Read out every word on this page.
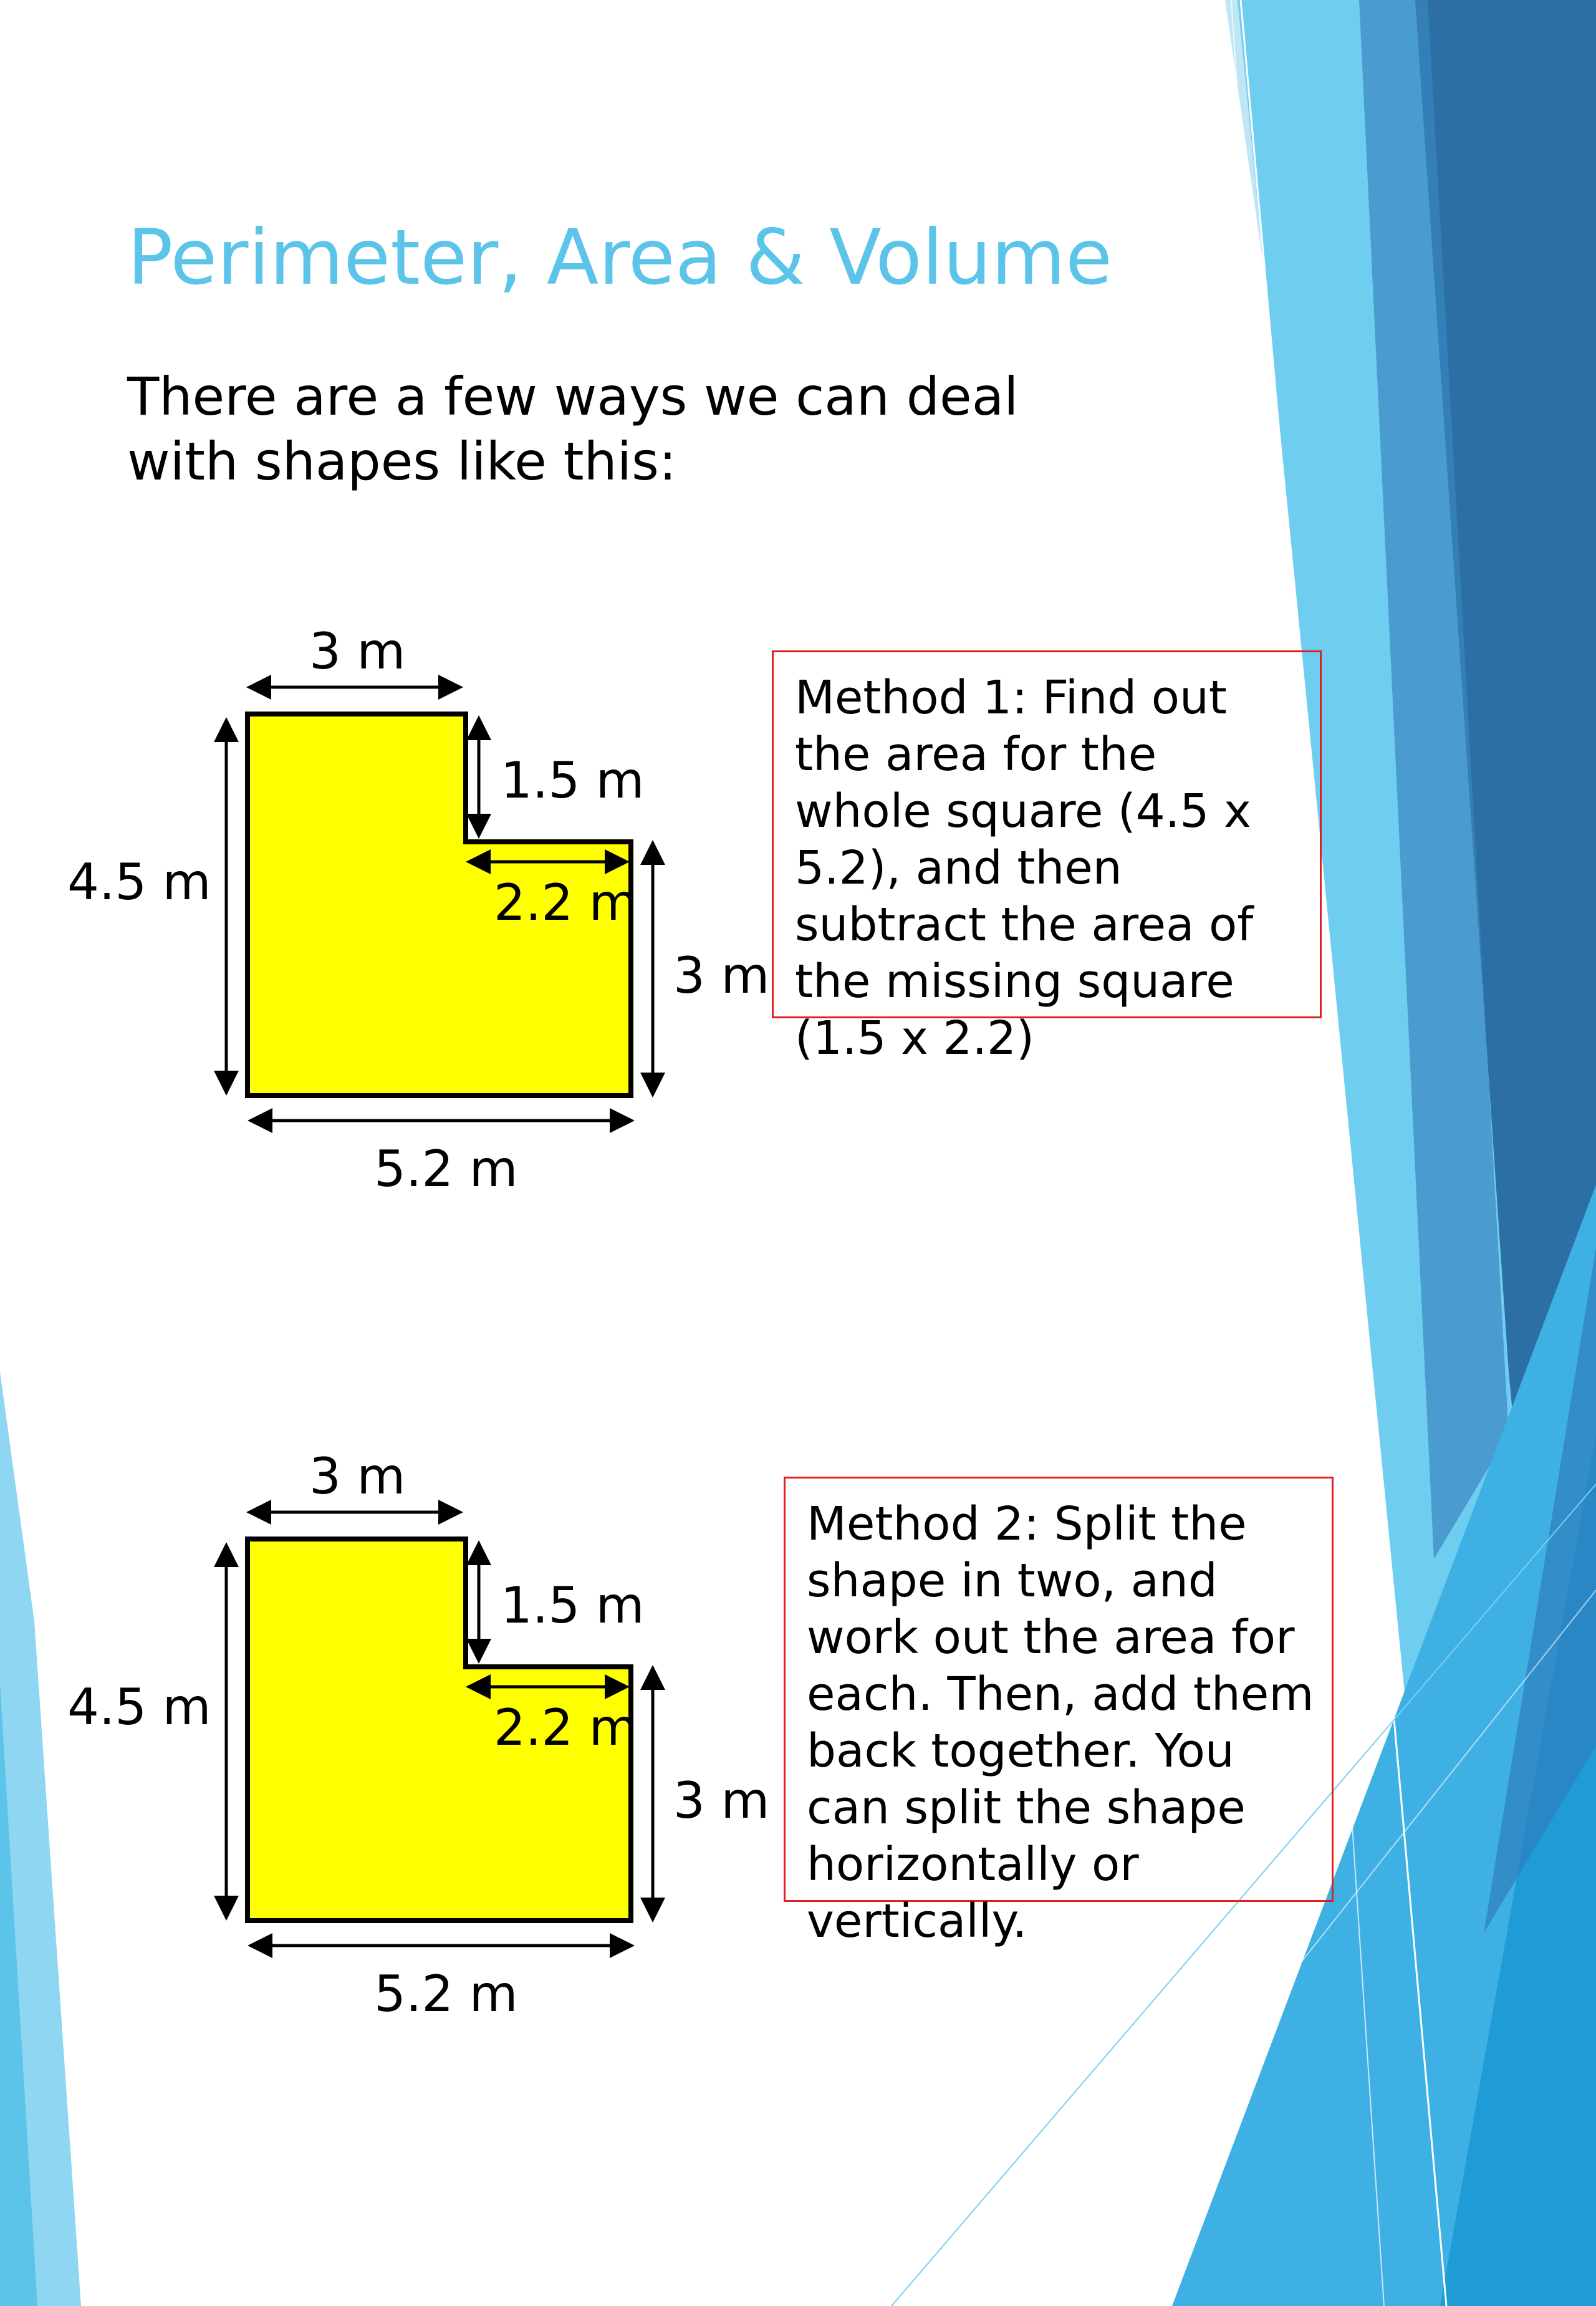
Perimeter, Area & Volume

There are a few ways we can deal with shapes like this:

3 m
1.5 m
4.5 m	2.2 m
3 m
5.2 m

Method 1: Find out the area for the whole square (4.5 x 5.2), and then subtract the area of the missing square (1.5 x 2.2)

3 m
1.5 m
4.5 m	2.2 m
3 m
5.2 m

Method 2: Split the shape in two, and work out the area for each. Then, add them back together. You can split the shape horizontally or vertically.
